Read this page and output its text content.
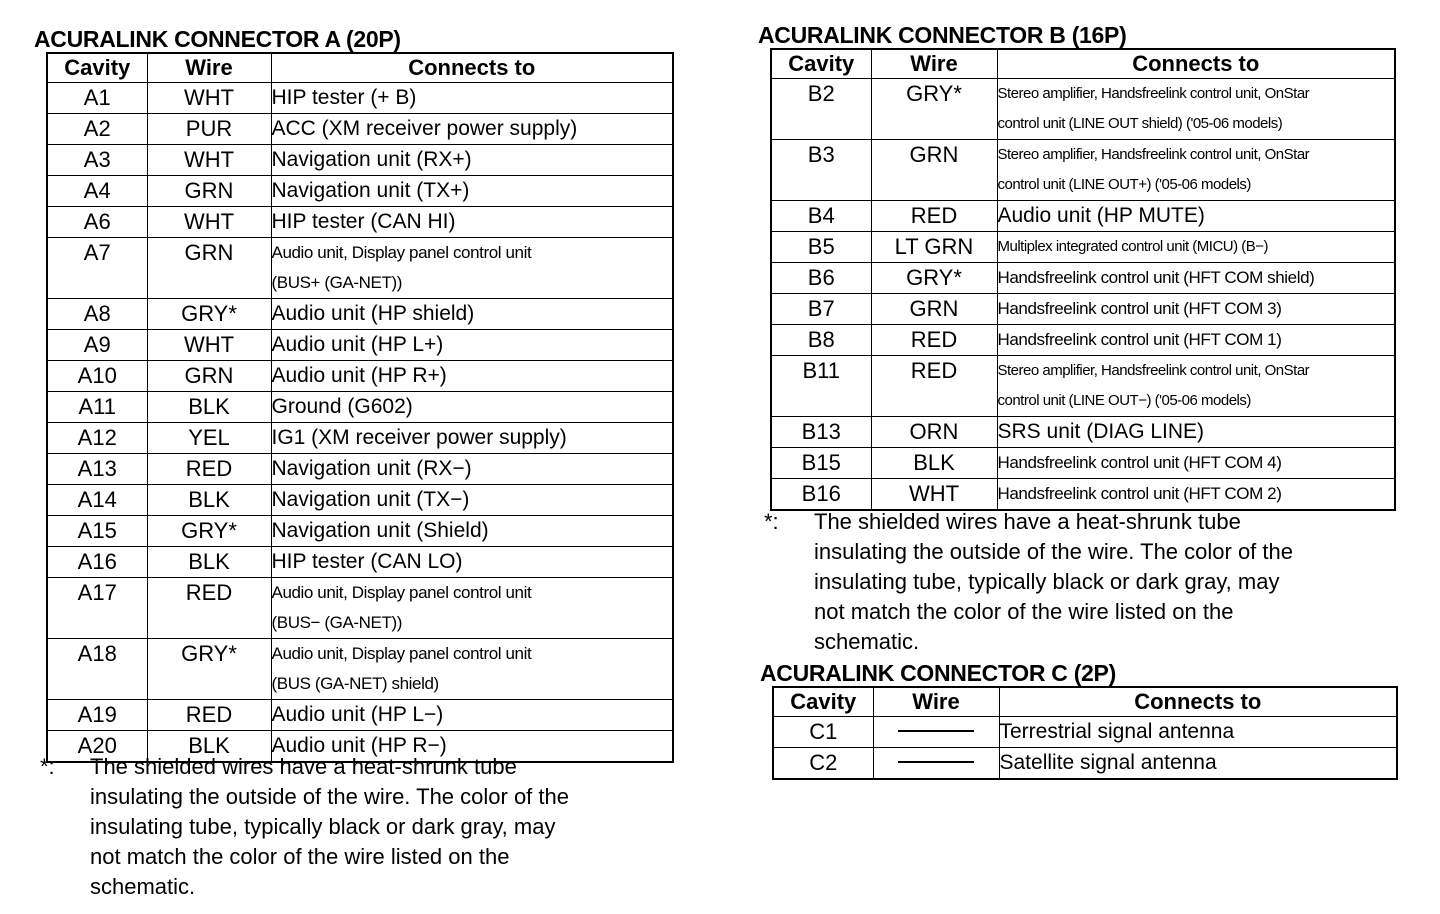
ACURALINK CONNECTOR A (20P)
Cavity	Wire	Connects to
A1	WHT	HIP tester (+ B)

A2	PUR	ACC (XM receiver power supply)

A3	WHT	Navigation unit (RX+)

A4	GRN	Navigation unit (TX+)

A6	WHT	HIP tester (CAN HI)

A7	GRN	Audio unit, Display panel control unit
(BUS+ (GA-NET))

A8	GRY*	Audio unit (HP shield)

A9	WHT	Audio unit (HP L+)

A10	GRN	Audio unit (HP R+)

A11	BLK	Ground (G602)

A12	YEL	IG1 (XM receiver power supply)

A13	RED	Navigation unit (RX−)

A14	BLK	Navigation unit (TX−)

A15	GRY*	Navigation unit (Shield)

A16	BLK	HIP tester (CAN LO)

A17	RED	Audio unit, Display panel control unit
(BUS− (GA-NET))

A18	GRY*	Audio unit, Display panel control unit
(BUS (GA-NET) shield)

A19	RED	Audio unit (HP L−)

A20	BLK	Audio unit (HP R−)
*:	The shielded wires have a heat-shrunk tube
insulating the outside of the wire. The color of the
insulating tube, typically black or dark gray, may
not match the color of the wire listed on the
schematic.
ACURALINK CONNECTOR B (16P)
Cavity	Wire	Connects to
B2	GRY*	Stereo amplifier, Handsfreelink control unit, OnStar
control unit (LINE OUT shield) ('05-06 models)

B3	GRN	Stereo amplifier, Handsfreelink control unit, OnStar
control unit (LINE OUT+) ('05-06 models)

B4	RED	Audio unit (HP MUTE)

B5	LT GRN	Multiplex integrated control unit (MICU) (B−)

B6	GRY*	Handsfreelink control unit (HFT COM shield)

B7	GRN	Handsfreelink control unit (HFT COM 3)

B8	RED	Handsfreelink control unit (HFT COM 1)

B11	RED	Stereo amplifier, Handsfreelink control unit, OnStar
control unit (LINE OUT−) ('05-06 models)

B13	ORN	SRS unit (DIAG LINE)

B15	BLK	Handsfreelink control unit (HFT COM 4)

B16	WHT	Handsfreelink control unit (HFT COM 2)
*:	The shielded wires have a heat-shrunk tube
insulating the outside of the wire. The color of the
insulating tube, typically black or dark gray, may
not match the color of the wire listed on the
schematic.
ACURALINK CONNECTOR C (2P)
Cavity	Wire	Connects to
C1		Terrestrial signal antenna

C2		Satellite signal antenna
